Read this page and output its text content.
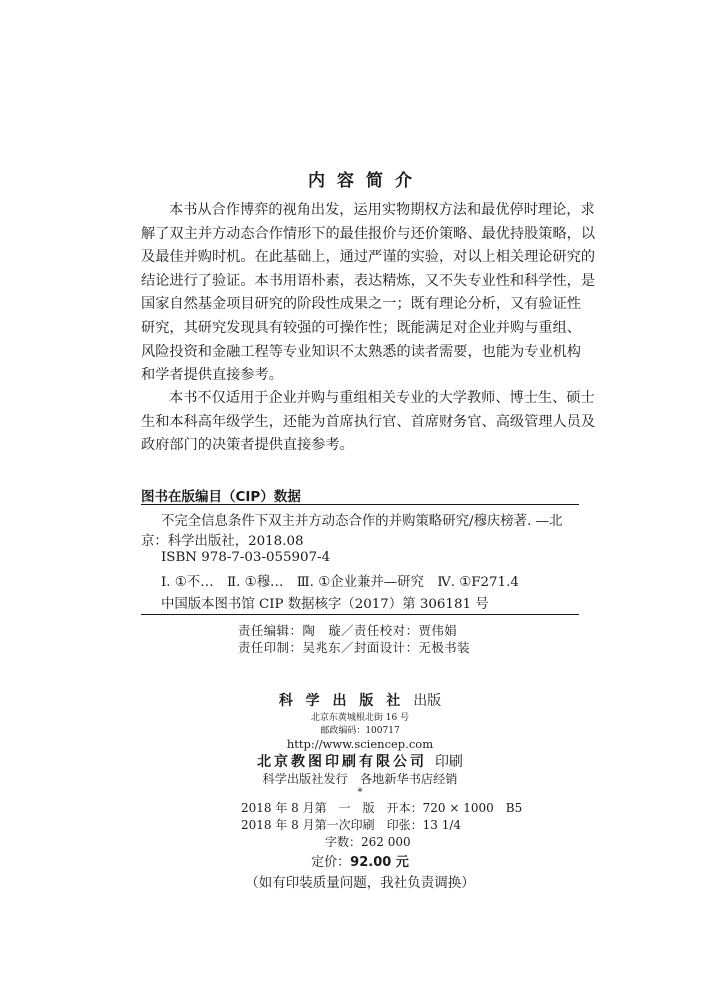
内容简介

本书从合作博弈的视角出发，运用实物期权方法和最优停时理论，求

解了双主并方动态合作情形下的最佳报价与还价策略、最优持股策略，以

及最佳并购时机。在此基础上，通过严谨的实验，对以上相关理论研究的

结论进行了验证。本书用语朴素，表达精炼，又不失专业性和科学性，是

国家自然基金项目研究的阶段性成果之一；既有理论分析，又有验证性

研究，其研究发现具有较强的可操作性；既能满足对企业并购与重组、

风险投资和金融工程等专业知识不太熟悉的读者需要，也能为专业机构

和学者提供直接参考。

本书不仅适用于企业并购与重组相关专业的大学教师、博士生、硕士

生和本科高年级学生，还能为首席执行官、首席财务官、高级管理人员及

政府部门的决策者提供直接参考。

图书在版编目（CIP）数据
不完全信息条件下双主并方动态合作的并购策略研究/穆庆榜著. —北
京：科学出版社，2018.08
ISBN 978-7-03-055907-4
Ⅰ. ①不…　Ⅱ. ①穆…　Ⅲ. ①企业兼并—研究　Ⅳ. ①F271.4
中国版本图书馆 CIP 数据核字（2017）第 306181 号
责任编辑：陶　璇／责任校对：贾伟娟
责任印制：吴兆东／封面设计：无极书装
科 学 出 版 社 出版
北京东黄城根北街 16 号
邮政编码：100717
http://www.sciencep.com
北京教图印刷有限公司 印刷
科学出版社发行　各地新华书店经销
*
2018 年 8 月第　一　版　开本：720 × 1000　B5
2018 年 8 月第一次印刷　印张：13 1/4
字数：262 000
定价：92.00 元
（如有印装质量问题，我社负责调换）
